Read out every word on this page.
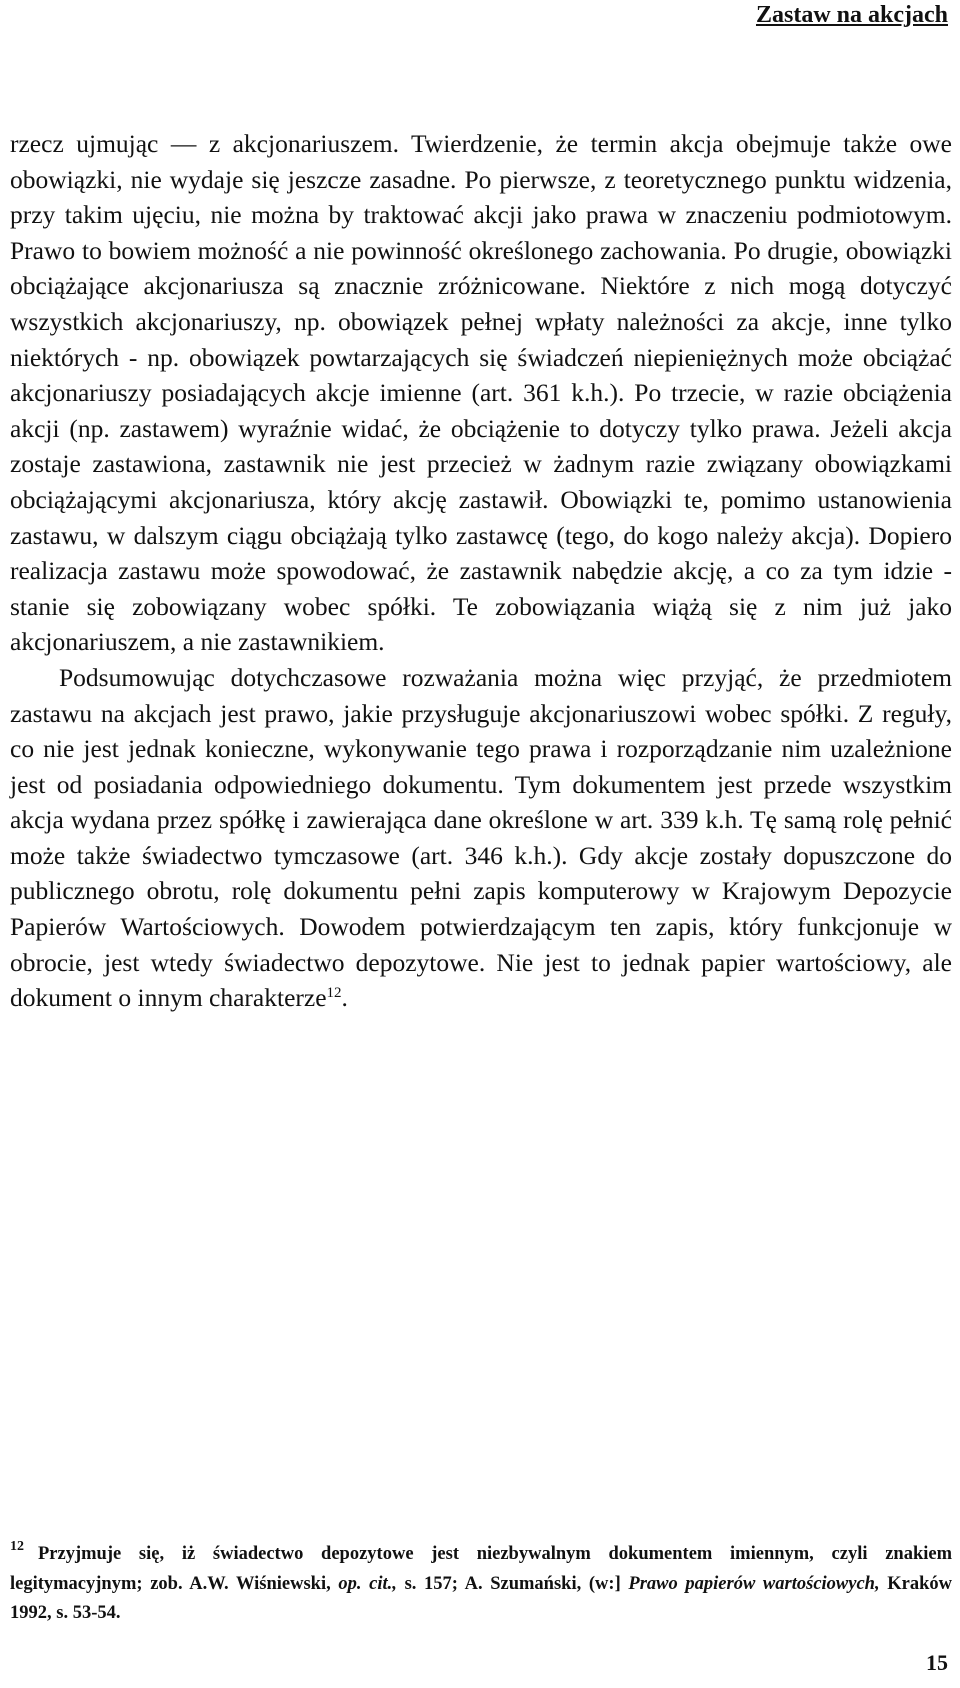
Zastaw na akcjach

rzecz ujmując — z akcjonariuszem. Twierdzenie, że termin akcja obejmuje także owe obowiązki, nie wydaje się jeszcze zasadne. Po pierwsze, z teoretycznego punktu widzenia, przy takim ujęciu, nie można by traktować akcji jako prawa w znaczeniu podmiotowym. Prawo to bowiem możność a nie powinność określonego zachowania. Po drugie, obowiązki obciążające akcjonariusza są znacznie zróżnicowane. Niektóre z nich mogą dotyczyć wszystkich akcjonariuszy, np. obowiązek pełnej wpłaty należności za akcje, inne tylko niektórych - np. obowiązek powtarzających się świadczeń niepieniężnych może obciążać akcjonariuszy posiadających akcje imienne (art. 361 k.h.). Po trzecie, w razie obciążenia akcji (np. zastawem) wyraźnie widać, że obciążenie to dotyczy tylko prawa. Jeżeli akcja zostaje zastawiona, zastawnik nie jest przecież w żadnym razie związany obowiązkami obciążającymi akcjonariusza, który akcję zastawił. Obowiązki te, pomimo ustanowienia zastawu, w dalszym ciągu obciążają tylko zastawcę (tego, do kogo należy akcja). Dopiero realizacja zastawu może spowodować, że zastawnik nabędzie akcję, a co za tym idzie - stanie się zobowiązany wobec spółki. Te zobowiązania wiążą się z nim już jako akcjonariuszem, a nie zastawnikiem.

Podsumowując dotychczasowe rozważania można więc przyjąć, że przedmiotem zastawu na akcjach jest prawo, jakie przysługuje akcjonariuszowi wobec spółki. Z reguły, co nie jest jednak konieczne, wykonywanie tego prawa i rozporządzanie nim uzależnione jest od posiadania odpowiedniego dokumentu. Tym dokumentem jest przede wszystkim akcja wydana przez spółkę i zawierająca dane określone w art. 339 k.h. Tę samą rolę pełnić może także świadectwo tymczasowe (art. 346 k.h.). Gdy akcje zostały dopuszczone do publicznego obrotu, rolę dokumentu pełni zapis komputerowy w Krajowym Depozycie Papierów Wartościowych. Dowodem potwierdzającym ten zapis, który funkcjonuje w obrocie, jest wtedy świadectwo depozytowe. Nie jest to jednak papier wartościowy, ale dokument o innym charakterze$^{12}$.

$^{12}$ Przyjmuje się, iż świadectwo depozytowe jest niezbywalnym dokumentem imiennym, czyli znakiem legitymacyjnym; zob. A.W. Wiśniewski, op. cit., s. 157; A. Szumański, (w:] Prawo papierów wartościowych, Kraków 1992, s. 53-54.
15
